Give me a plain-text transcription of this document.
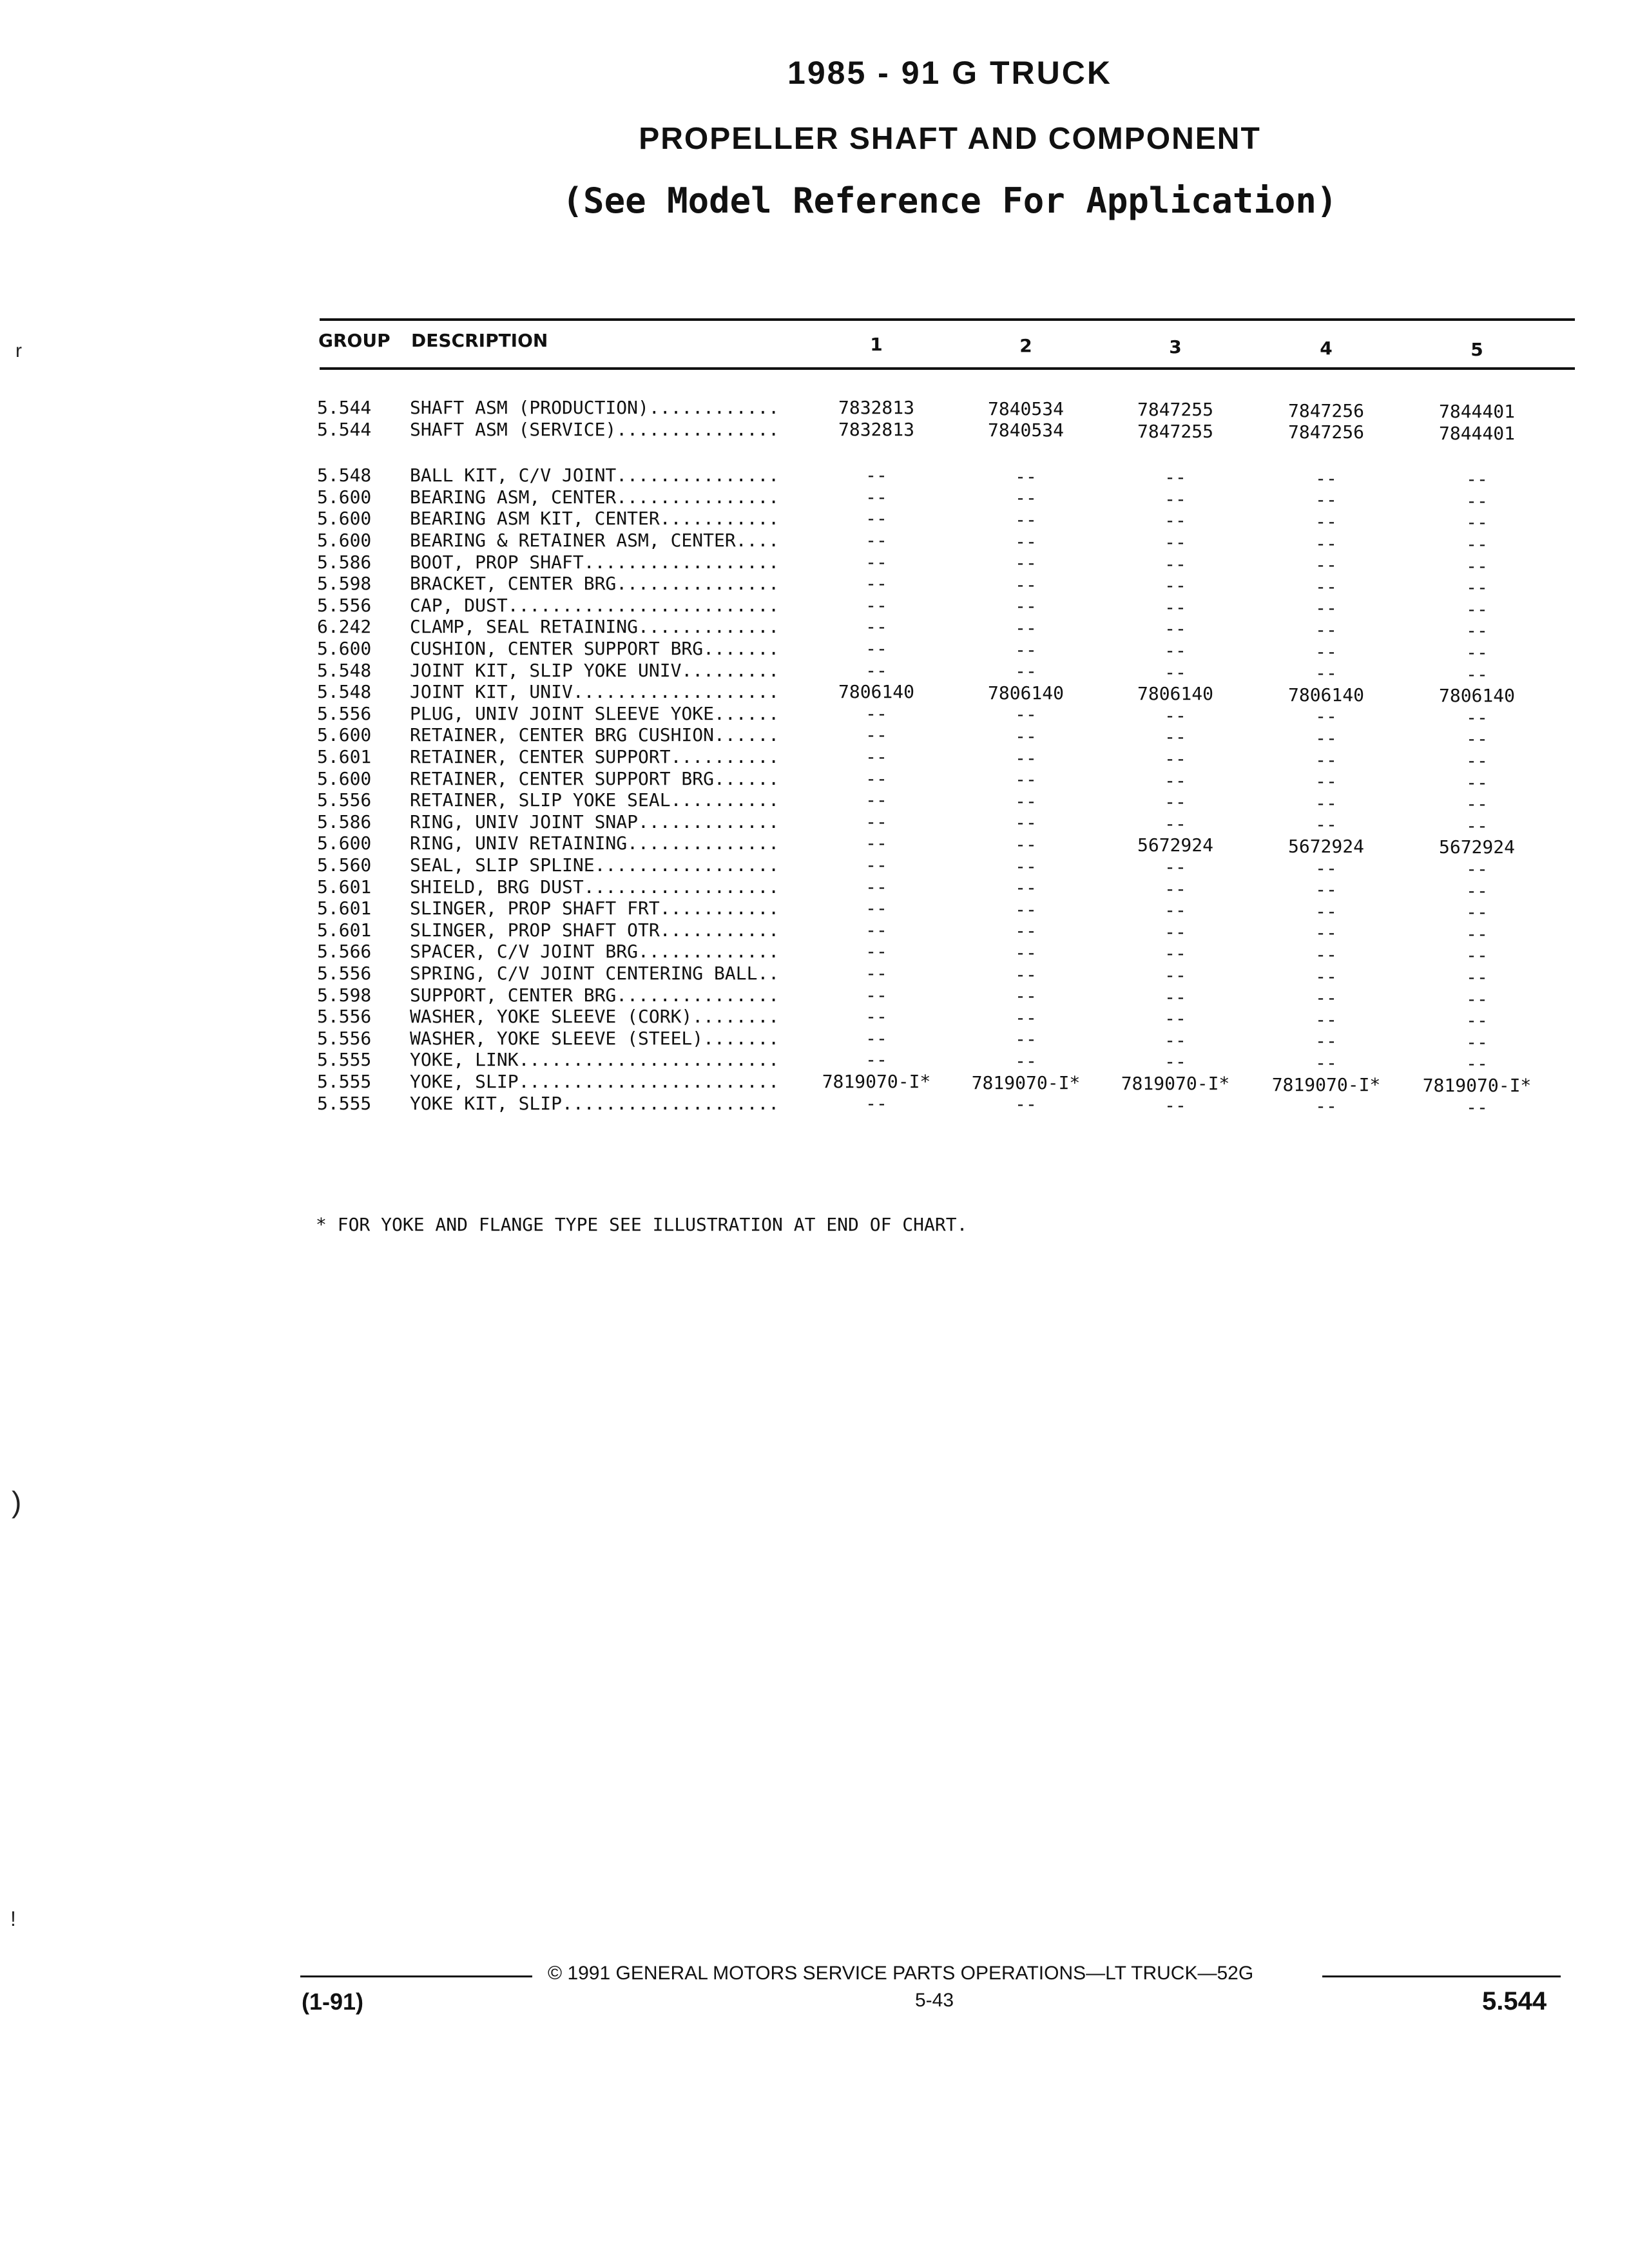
1985 - 91 G TRUCK
PROPELLER SHAFT AND COMPONENT
(See Model Reference For Application)
GROUP DESCRIPTION	1	2	3	4	5
5.544 SHAFT ASM (PRODUCTION)............	7832813	7840534	7847255	7847256	7844401
5.544 SHAFT ASM (SERVICE)...............	7832813	7840534	7847255	7847256	7844401
5.548 BALL KIT, C/V JOINT...............	--	--	--	--	--
5.600 BEARING ASM, CENTER...............	--	--	--	--	--
5.600 BEARING ASM KIT, CENTER...........	--	--	--	--	--
5.600 BEARING & RETAINER ASM, CENTER....	--	--	--	--	--
5.586 BOOT, PROP SHAFT..................	--	--	--	--	--
5.598 BRACKET, CENTER BRG...............	--	--	--	--	--
5.556 CAP, DUST.........................	--	--	--	--	--
6.242 CLAMP, SEAL RETAINING.............	--	--	--	--	--
5.600 CUSHION, CENTER SUPPORT BRG.......	--	--	--	--	--
5.548 JOINT KIT, SLIP YOKE UNIV.........	--	--	--	--	--
5.548 JOINT KIT, UNIV...................	7806140	7806140	7806140	7806140	7806140
5.556 PLUG, UNIV JOINT SLEEVE YOKE......	--	--	--	--	--
5.600 RETAINER, CENTER BRG CUSHION......	--	--	--	--	--
5.601 RETAINER, CENTER SUPPORT..........	--	--	--	--	--
5.600 RETAINER, CENTER SUPPORT BRG......	--	--	--	--	--
5.556 RETAINER, SLIP YOKE SEAL..........	--	--	--	--	--
5.586 RING, UNIV JOINT SNAP.............	--	--	--	--	--
5.600 RING, UNIV RETAINING..............	--	--	5672924	5672924	5672924
5.560 SEAL, SLIP SPLINE.................	--	--	--	--	--
5.601 SHIELD, BRG DUST..................	--	--	--	--	--
5.601 SLINGER, PROP SHAFT FRT...........	--	--	--	--	--
5.601 SLINGER, PROP SHAFT OTR...........	--	--	--	--	--
5.566 SPACER, C/V JOINT BRG.............	--	--	--	--	--
5.556 SPRING, C/V JOINT CENTERING BALL..	--	--	--	--	--
5.598 SUPPORT, CENTER BRG...............	--	--	--	--	--
5.556 WASHER, YOKE SLEEVE (CORK)........	--	--	--	--	--
5.556 WASHER, YOKE SLEEVE (STEEL).......	--	--	--	--	--
5.555 YOKE, LINK........................	--	--	--	--	--
5.555 YOKE, SLIP........................	7819070-I*	7819070-I*	7819070-I*	7819070-I*	7819070-I*
5.555 YOKE KIT, SLIP....................	--	--	--	--	--
* FOR YOKE AND FLANGE TYPE SEE ILLUSTRATION AT END OF CHART.
© 1991 GENERAL MOTORS SERVICE PARTS OPERATIONS—LT TRUCK—52G
(1-91)	5-43	5.544
r
)
!
